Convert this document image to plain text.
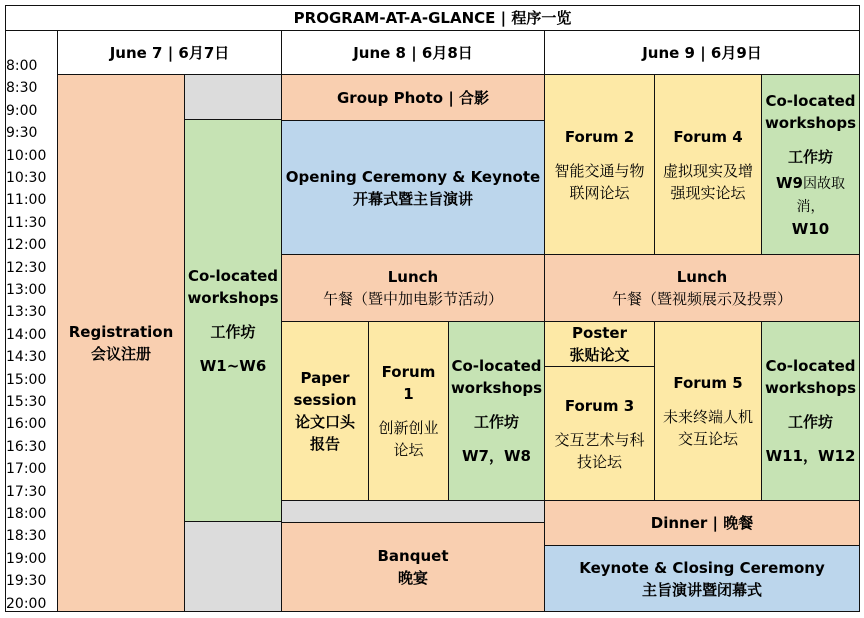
PROGRAM-AT-A-GLANCE | 程序一览
8:00
8:30
9:00
9:30
10:00
10:30
11:00
11:30
12:00
12:30
13:00
13:30
14:00
14:30
15:00
15:30
16:00
16:30
17:00
17:30
18:00
18:30
19:00
19:30
20:00
June 7 | 6月7日	June 8 | 6月8日	June 9 | 6月9日
Registration
会议注册
Co-located workshops
工作坊
W1~W6
Group Photo | 合影
Opening Ceremony & Keynote
开幕式暨主旨演讲
Lunch
午餐（暨中加电影节活动）
Paper session
论文口头报告
Forum 1
创新创业论坛
Co-located workshops
工作坊
W7，W8
Banquet
晚宴
Forum 2
智能交通与物联网论坛
Forum 4
虚拟现实及增强现实论坛
Co-located workshops
工作坊
W9因故取消，
W10
Lunch
午餐（暨视频展示及投票）
Poster
张贴论文
Forum 3
交互艺术与科技论坛
Forum 5
未来终端人机交互论坛
Co-located workshops
工作坊
W11，W12
Dinner | 晚餐
Keynote & Closing Ceremony
主旨演讲暨闭幕式
